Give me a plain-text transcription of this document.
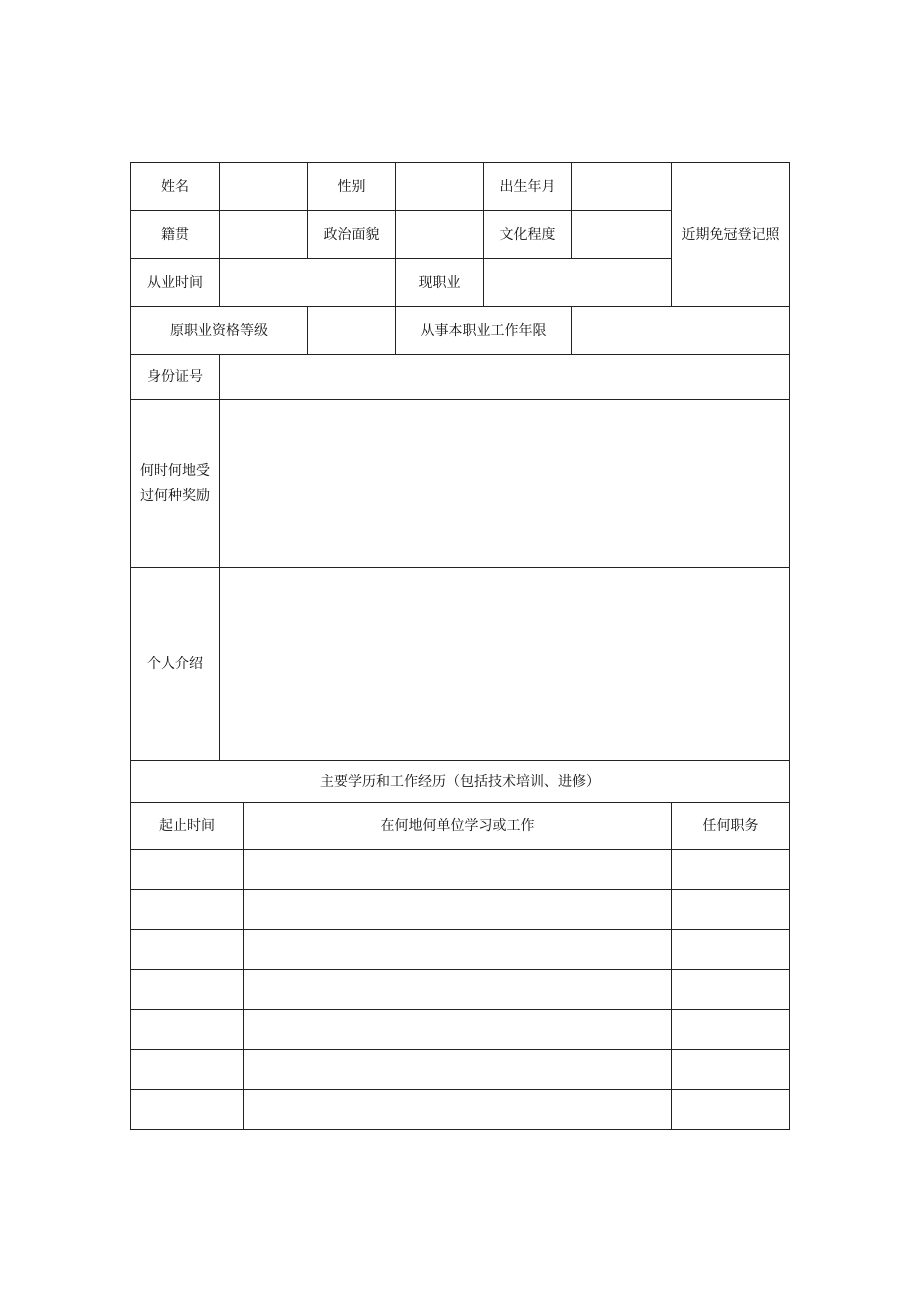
姓名			性别		出生年月		近期免冠登记照
籍贯			政治面貌		文化程度		
从业时间				现职业			
原职业资格等级				从事本职业工作年限			
身份证号							
何时何地受
过何种奖励							
个人介绍							
主要学历和工作经历（包括技术培训、进修）							
起止时间		在何地何单位学习或工作					任何职务
